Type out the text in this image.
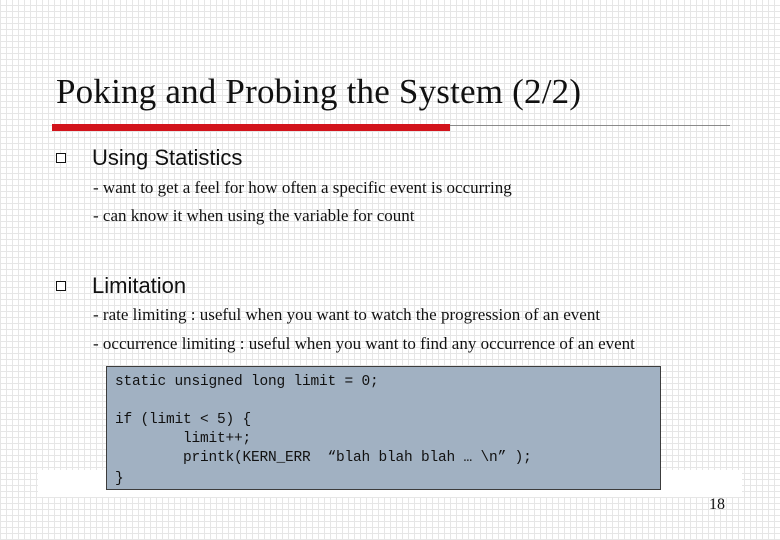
Poking and Probing the System (2/2)
Using Statistics
- want to get a feel for how often a specific event is occurring
- can know it when using the variable for count
Limitation
- rate limiting : useful when you want to watch the progression of an event
- occurrence limiting : useful when you want to find any occurrence of an event
static unsigned long limit = 0;
if (limit < 5) {
limit++;
printk(KERN_ERR  “blah blah blah … \n” );
}
18
